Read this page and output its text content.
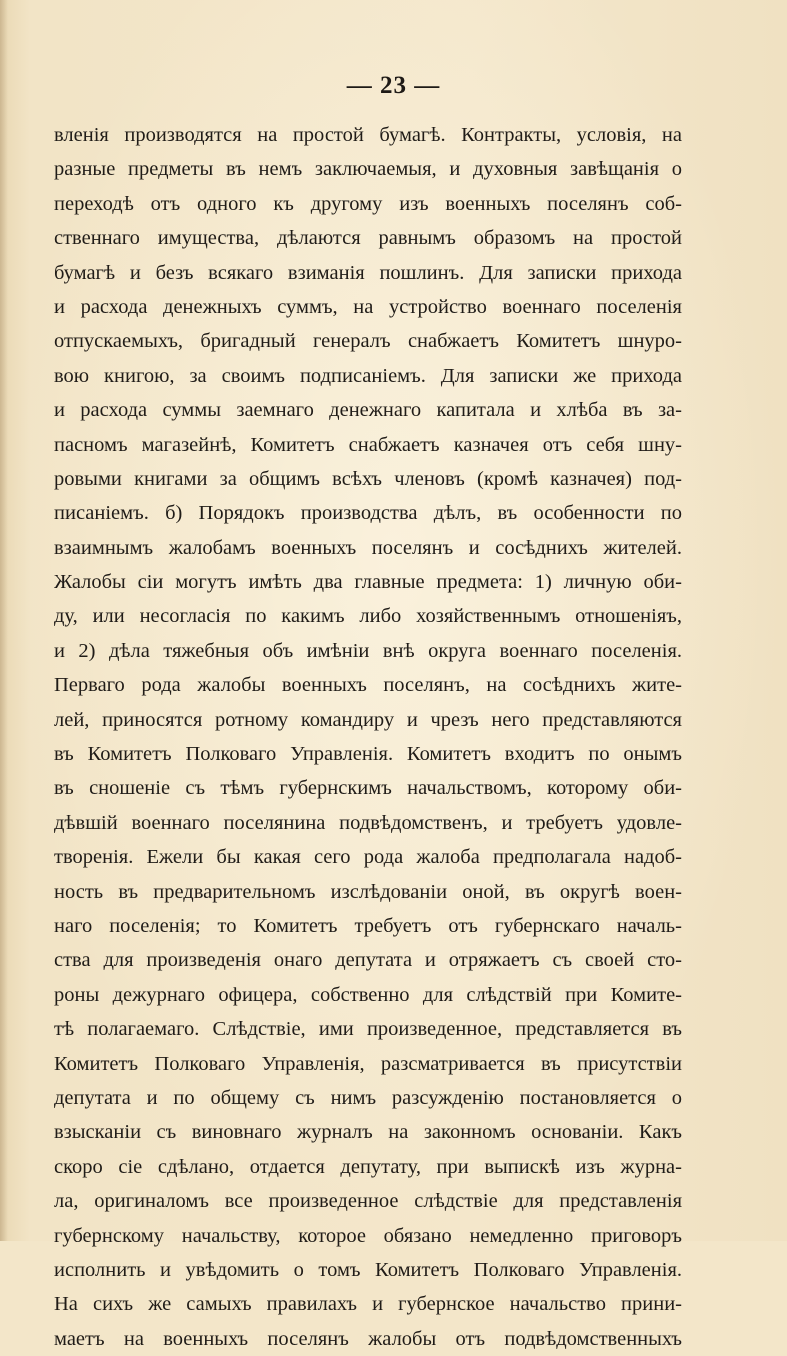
— 23 —
вленія производятся на простой бумагѣ. Контракты, условія, на
разные предметы въ немъ заключаемыя, и духовныя завѣщанія о
переходѣ отъ одного къ другому изъ военныхъ поселянъ соб-
ственнаго имущества, дѣлаются равнымъ образомъ на простой
бумагѣ и безъ всякаго взиманія пошлинъ. Для записки прихода
и расхода денежныхъ суммъ, на устройство военнаго поселенія
отпускаемыхъ, бригадный генералъ снабжаетъ Комитетъ шнуро-
вою книгою, за своимъ подписаніемъ. Для записки же прихода
и расхода суммы заемнаго денежнаго капитала и хлѣба въ за-
пасномъ магазейнѣ, Комитетъ снабжаетъ казначея отъ себя шну-
ровыми книгами за общимъ всѣхъ членовъ (кромѣ казначея) под-
писаніемъ. б) Порядокъ производства дѣлъ, въ особенности по
взаимнымъ жалобамъ военныхъ поселянъ и сосѣднихъ жителей.
Жалобы сіи могутъ имѣть два главные предмета: 1) личную оби-
ду, или несогласія по какимъ либо хозяйственнымъ отношеніяъ,
и 2) дѣла тяжебныя объ имѣніи внѣ округа военнаго поселенія.
Перваго рода жалобы военныхъ поселянъ, на сосѣднихъ жите-
лей, приносятся ротному командиру и чрезъ него представляются
въ Комитетъ Полковаго Управленія. Комитетъ входитъ по онымъ
въ сношеніе съ тѣмъ губернскимъ начальствомъ, которому оби-
дѣвшій военнаго поселянина подвѣдомственъ, и требуетъ удовле-
творенія. Ежели бы какая сего рода жалоба предполагала надоб-
ность въ предварительномъ изслѣдованіи оной, въ округѣ воен-
наго поселенія; то Комитетъ требуетъ отъ губернскаго началь-
ства для произведенія онаго депутата и отряжаетъ съ своей сто-
роны дежурнаго офицера, собственно для слѣдствій при Комите-
тѣ полагаемаго. Слѣдствіе, ими произведенное, представляется въ
Комитетъ Полковаго Управленія, разсматривается въ присутствіи
депутата и по общему съ нимъ разсужденію постановляется о
взысканіи съ виновнаго журналъ на законномъ основаніи. Какъ
скоро сіе сдѣлано, отдается депутату, при выпискѣ изъ журна-
ла, оригиналомъ все произведенное слѣдствіе для представленія
губернскому начальству, которое обязано немедленно приговоръ
исполнить и увѣдомить о томъ Комитетъ Полковаго Управленія.
На сихъ же самыхъ правилахъ и губернское начальство прини-
маетъ на военныхъ поселянъ жалобы отъ подвѣдомственныхъ
